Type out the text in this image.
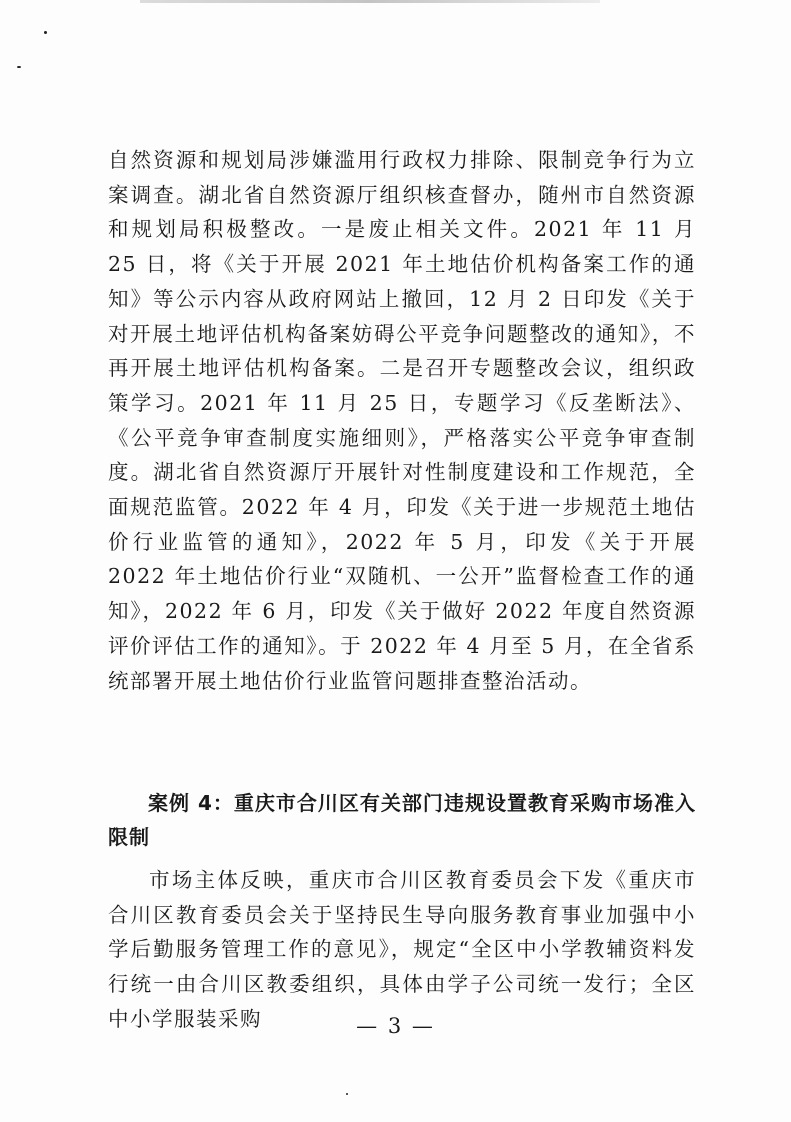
自然资源和规划局涉嫌滥用行政权力排除、限制竞争行为立案调查。湖北省自然资源厅组织核查督办，随州市自然资源和规划局积极整改。一是废止相关文件。2021 年 11 月 25 日，将《关于开展 2021 年土地估价机构备案工作的通知》等公示内容从政府网站上撤回，12 月 2 日印发《关于对开展土地评估机构备案妨碍公平竞争问题整改的通知》，不再开展土地评估机构备案。二是召开专题整改会议，组织政策学习。2021 年 11 月 25 日，专题学习《反垄断法》、《公平竞争审查制度实施细则》，严格落实公平竞争审查制度。湖北省自然资源厅开展针对性制度建设和工作规范，全面规范监管。2022 年 4 月，印发《关于进一步规范土地估价行业监管的通知》，2022 年 5 月，印发《关于开展 2022 年土地估价行业“双随机、一公开”监督检查工作的通知》，2022 年 6 月，印发《关于做好 2022 年度自然资源评价评估工作的通知》。于 2022 年 4 月至 5 月，在全省系统部署开展土地估价行业监管问题排查整治活动。

案例 4：重庆市合川区有关部门违规设置教育采购市场准入限制

市场主体反映，重庆市合川区教育委员会下发《重庆市合川区教育委员会关于坚持民生导向服务教育事业加强中小学后勤服务管理工作的意见》，规定“全区中小学教辅资料发行统一由合川区教委组织，具体由学子公司统一发行；全区中小学服装采购	— 3 —
